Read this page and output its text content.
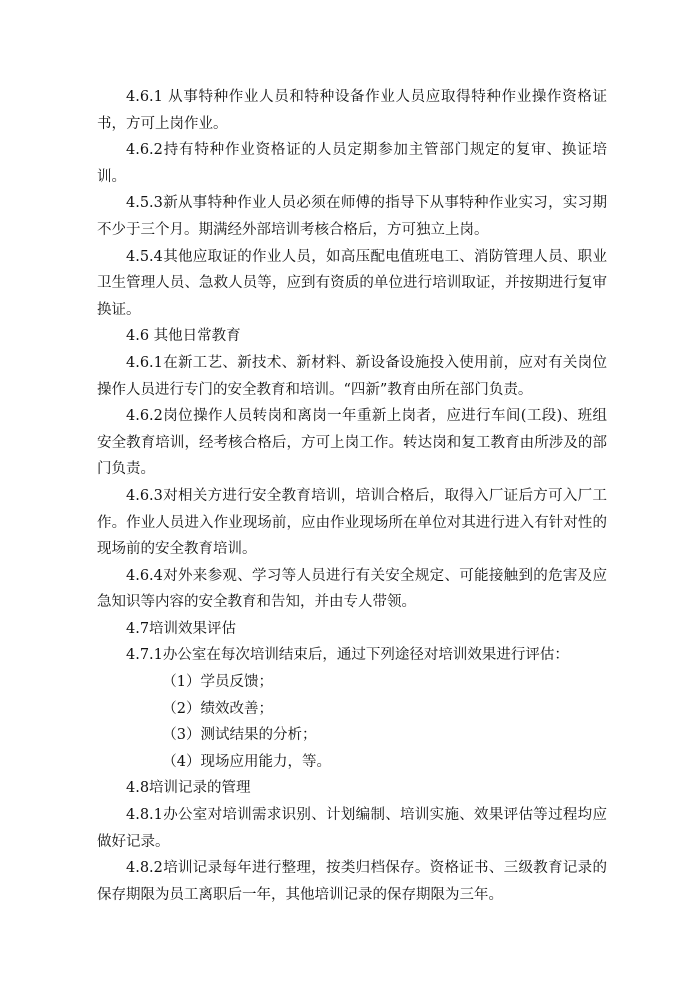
4.6.1 从事特种作业人员和特种设备作业人员应取得特种作业操作资格证书，方可上岗作业。

4.6.2持有特种作业资格证的人员定期参加主管部门规定的复审、换证培训。

4.5.3新从事特种作业人员必须在师傅的指导下从事特种作业实习，实习期不少于三个月。期满经外部培训考核合格后，方可独立上岗。

4.5.4其他应取证的作业人员，如高压配电值班电工、消防管理人员、职业卫生管理人员、急救人员等，应到有资质的单位进行培训取证，并按期进行复审换证。

4.6 其他日常教育

4.6.1在新工艺、新技术、新材料、新设备设施投入使用前，应对有关岗位操作人员进行专门的安全教育和培训。“四新”教育由所在部门负责。

4.6.2岗位操作人员转岗和离岗一年重新上岗者，应进行车间(工段)、班组安全教育培训，经考核合格后，方可上岗工作。转达岗和复工教育由所涉及的部门负责。

4.6.3对相关方进行安全教育培训，培训合格后，取得入厂证后方可入厂工作。作业人员进入作业现场前，应由作业现场所在单位对其进行进入有针对性的现场前的安全教育培训。

4.6.4对外来参观、学习等人员进行有关安全规定、可能接触到的危害及应急知识等内容的安全教育和告知，并由专人带领。

4.7培训效果评估

4.7.1办公室在每次培训结束后，通过下列途径对培训效果进行评估：

（1）学员反馈；

（2）绩效改善；

（3）测试结果的分析；

（4）现场应用能力，等。

4.8培训记录的管理

4.8.1办公室对培训需求识别、计划编制、培训实施、效果评估等过程均应做好记录。

4.8.2培训记录每年进行整理，按类归档保存。资格证书、三级教育记录的保存期限为员工离职后一年，其他培训记录的保存期限为三年。
